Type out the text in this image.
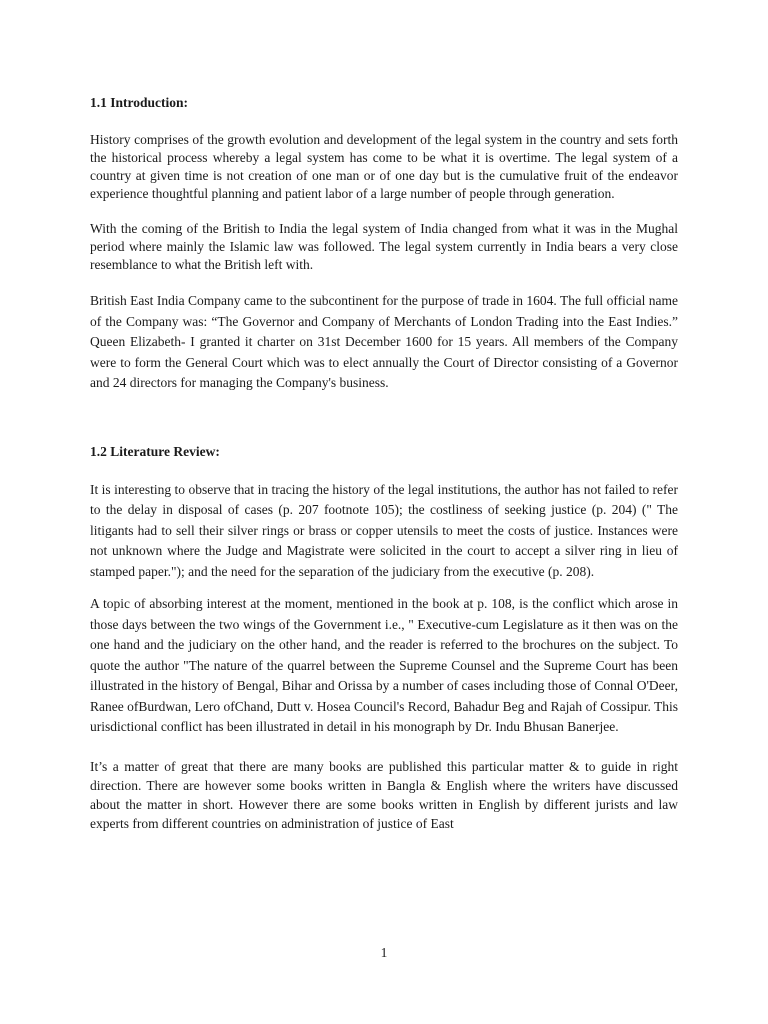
1.1 Introduction:

History comprises of the growth evolution and development of the legal system in the country and sets forth the historical process whereby a legal system has come to be what it is overtime. The legal system of a country at given time is not creation of one man or of one day but is the cumulative fruit of the endeavor experience thoughtful planning and patient labor of a large number of people through generation.

With the coming of the British to India the legal system of India changed from what it was in the Mughal period where mainly the Islamic law was followed. The legal system currently in India bears a very close resemblance to what the British left with.

British East India Company came to the subcontinent for the purpose of trade in 1604. The full official name of the Company was: “The Governor and Company of Merchants of London Trading into the East Indies.” Queen Elizabeth- I granted it charter on 31st December 1600 for 15 years. All members of the Company were to form the General Court which was to elect annually the Court of Director consisting of a Governor and 24 directors for managing the Company's business.

1.2 Literature Review:

It is interesting to observe that in tracing the history of the legal institutions, the author has not failed to refer to the delay in disposal of cases (p. 207 footnote 105); the costliness of seeking justice (p. 204) (" The litigants had to sell their silver rings or brass or copper utensils to meet the costs of justice. Instances were not unknown where the Judge and Magistrate were solicited in the court to accept a silver ring in lieu of stamped paper."); and the need for the separation of the judiciary from the executive (p. 208).

A topic of absorbing interest at the moment, mentioned in the book at p. 108, is the conflict which arose in those days between the two wings of the Government i.e., " Executive-cum Legislature as it then was on the one hand and the judiciary on the other hand, and the reader is referred to the brochures on the subject. To quote the author "The nature of the quarrel between the Supreme Counsel and the Supreme Court has been illustrated in the history of Bengal, Bihar and Orissa by a number of cases including those of Connal O'Deer, Ranee ofBurdwan, Lero ofChand, Dutt v. Hosea Council's Record, Bahadur Beg and Rajah of Cossipur. This urisdictional conflict has been illustrated in detail in his monograph by Dr. Indu Bhusan Banerjee.

It’s a matter of great that there are many books are published this particular matter & to guide in right direction. There are however some books written in Bangla & English where the writers have discussed about the matter in short. However there are some books written in English by different jurists and law experts from different countries on administration of justice of East

1
